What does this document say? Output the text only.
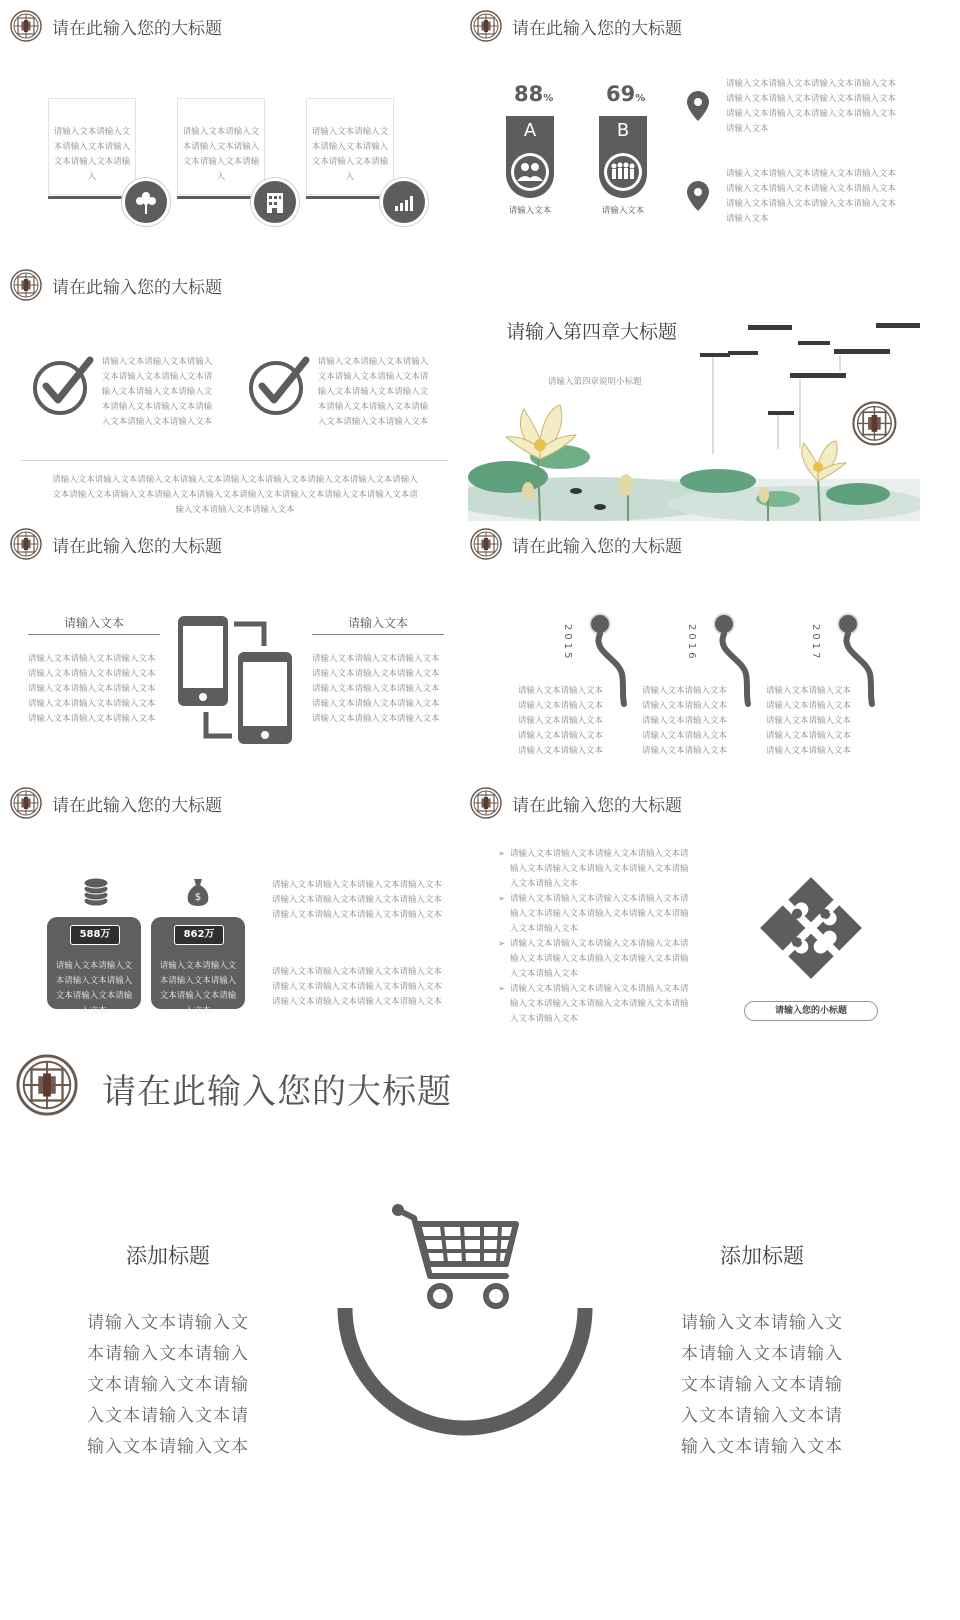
请在此输入您的大标题
请输入文本请输入文本请输入文本请输入文本请输入文本请输入
请输入文本请输入文本请输入文本请输入文本请输入文本请输入
请输入文本请输入文本请输入文本请输入文本请输入文本请输入
请在此输入您的大标题
88%
A
请输入文本
69%
B
请输入文本
请输入文本请输入文本请输入文本请输入文本请输入文本请输入文本请输入文本请输入文本请输入文本请输入文本请输入文本请输入文本请输入文本
请输入文本请输入文本请输入文本请输入文本请输入文本请输入文本请输入文本请输入文本请输入文本请输入文本请输入文本请输入文本请输入文本
请在此输入您的大标题
请输入文本请输入文本请输入文本请输入文本请输入文本请输入文本请输入文本请输入文本请输入文本请输入文本请输入文本请输入文本请输入文本
请输入文本请输入文本请输入文本请输入文本请输入文本请输入文本请输入文本请输入文本请输入文本请输入文本请输入文本请输入文本请输入文本
请输入文本请输入文本请输入文本请输入文本请输入文本请输入文本请输入文本请输入文本请输入文本请输入文本请输入文本请输入文本请输入文本请输入文本请输入文本请输入文本请输入文本请输入文本请输入文本请输入文本
请输入第四章大标题
请输入第四章说明小标题
请在此输入您的大标题
请输入文本
请输入文本请输入文本请输入文本
请输入文本请输入文本请输入文本
请输入文本请输入文本请输入文本
请输入文本请输入文本请输入文本
请输入文本请输入文本请输入文本
请输入文本
请输入文本请输入文本请输入文本
请输入文本请输入文本请输入文本
请输入文本请输入文本请输入文本
请输入文本请输入文本请输入文本
请输入文本请输入文本请输入文本
请在此输入您的大标题
2015
请输入文本请输入文本请输入文本请输入文本请输入文本请输入文本请输入文本请输入文本请输入文本请输入文本
2016
请输入文本请输入文本请输入文本请输入文本请输入文本请输入文本请输入文本请输入文本请输入文本请输入文本
2017
请输入文本请输入文本请输入文本请输入文本请输入文本请输入文本请输入文本请输入文本请输入文本请输入文本
请在此输入您的大标题
$
588万
请输入文本请输入文本请输入文本请输入文本请输入文本请输入文本
862万
请输入文本请输入文本请输入文本请输入文本请输入文本请输入文本
请输入文本请输入文本请输入文本请输入文本请输入文本请输入文本请输入文本请输入文本请输入文本请输入文本请输入文本请输入文本
请输入文本请输入文本请输入文本请输入文本请输入文本请输入文本请输入文本请输入文本请输入文本请输入文本请输入文本请输入文本
请在此输入您的大标题
➢ 请输入文本请输入文本请输入文本请输入文本请输入文本请输入文本请输入文本请输入文本请输入文本请输入文本
➢ 请输入文本请输入文本请输入文本请输入文本请输入文本请输入文本请输入文本请输入文本请输入文本请输入文本
➢ 请输入文本请输入文本请输入文本请输入文本请输入文本请输入文本请输入文本请输入文本请输入文本请输入文本
➢ 请输入文本请输入文本请输入文本请输入文本请输入文本请输入文本请输入文本请输入文本请输入文本请输入文本
请输入您的小标题
请在此输入您的大标题
添加标题
请输入文本请输入文
本请输入文本请输入
文本请输入文本请输
入文本请输入文本请
输入文本请输入文本
添加标题
请输入文本请输入文
本请输入文本请输入
文本请输入文本请输
入文本请输入文本请
输入文本请输入文本
